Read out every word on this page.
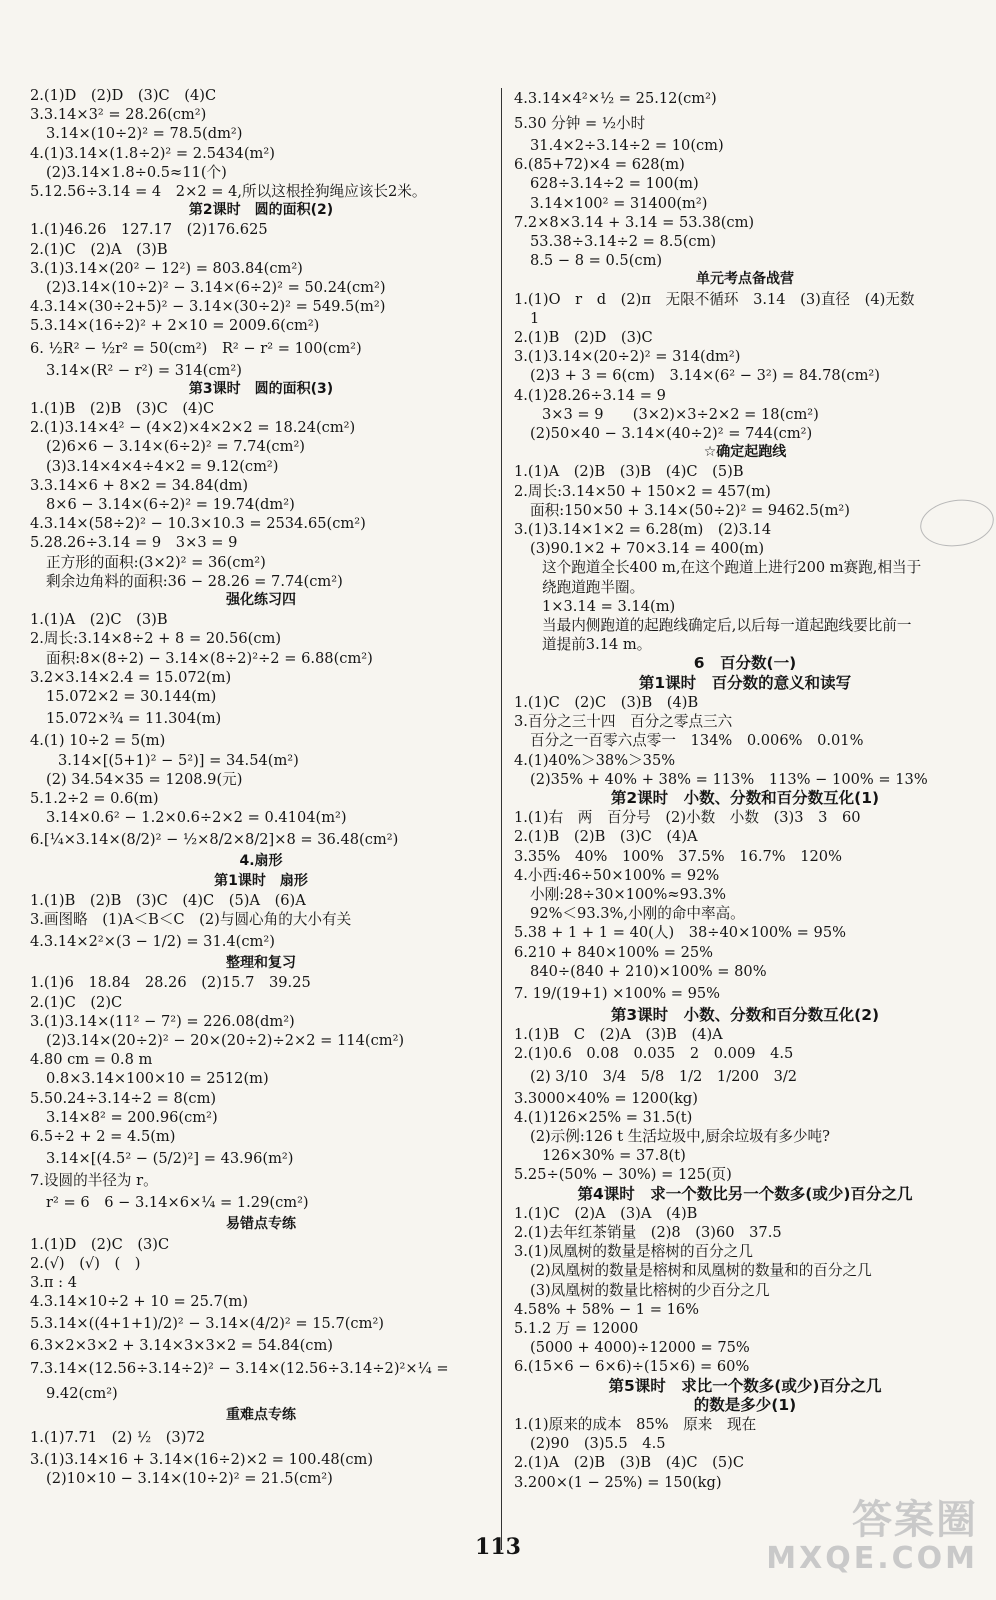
2.(1)D　(2)D　(3)C　(4)C
3.3.14×3² = 28.26(cm²)
3.14×(10÷2)² = 78.5(dm²)
4.(1)3.14×(1.8÷2)² = 2.5434(m²)
(2)3.14×1.8÷0.5≈11(个)
5.12.56÷3.14 = 4　2×2 = 4,所以这根拴狗绳应该长2米。
第2课时　圆的面积(2)
1.(1)46.26　127.17　(2)176.625
2.(1)C　(2)A　(3)B
3.(1)3.14×(20² − 12²) = 803.84(cm²)
(2)3.14×(10÷2)² − 3.14×(6÷2)² = 50.24(cm²)
4.3.14×(30÷2+5)² − 3.14×(30÷2)² = 549.5(m²)
5.3.14×(16÷2)² + 2×10 = 2009.6(cm²)
6. ½R² − ½r² = 50(cm²)　R² − r² = 100(cm²)
3.14×(R² − r²) = 314(cm²)
第3课时　圆的面积(3)
1.(1)B　(2)B　(3)C　(4)C
2.(1)3.14×4² − (4×2)×4×2×2 = 18.24(cm²)
(2)6×6 − 3.14×(6÷2)² = 7.74(cm²)
(3)3.14×4×4÷4×2 = 9.12(cm²)
3.3.14×6 + 8×2 = 34.84(dm)
8×6 − 3.14×(6÷2)² = 19.74(dm²)
4.3.14×(58÷2)² − 10.3×10.3 = 2534.65(cm²)
5.28.26÷3.14 = 9　3×3 = 9
正方形的面积:(3×2)² = 36(cm²)
剩余边角料的面积:36 − 28.26 = 7.74(cm²)
强化练习四
1.(1)A　(2)C　(3)B
2.周长:3.14×8÷2 + 8 = 20.56(cm)
面积:8×(8÷2) − 3.14×(8÷2)²÷2 = 6.88(cm²)
3.2×3.14×2.4 = 15.072(m)
15.072×2 = 30.144(m)
15.072×¾ = 11.304(m)
4.(1) 10÷2 = 5(m)
3.14×[(5+1)² − 5²)] = 34.54(m²)
(2) 34.54×35 = 1208.9(元)
5.1.2÷2 = 0.6(m)
3.14×0.6² − 1.2×0.6÷2×2 = 0.4104(m²)
6.[¼×3.14×(8/2)² − ½×8/2×8/2]×8 = 36.48(cm²)
4.扇形
第1课时　扇形
1.(1)B　(2)B　(3)C　(4)C　(5)A　(6)A
3.画图略　(1)A＜B＜C　(2)与圆心角的大小有关
4.3.14×2²×(3 − 1/2) = 31.4(cm²)
整理和复习
1.(1)6　18.84　28.26　(2)15.7　39.25
2.(1)C　(2)C
3.(1)3.14×(11² − 7²) = 226.08(dm²)
(2)3.14×(20÷2)² − 20×(20÷2)÷2×2 = 114(cm²)
4.80 cm = 0.8 m
0.8×3.14×100×10 = 2512(m)
5.50.24÷3.14÷2 = 8(cm)
3.14×8² = 200.96(cm²)
6.5÷2 + 2 = 4.5(m)
3.14×[(4.5² − (5/2)²] = 43.96(m²)
7.设圆的半径为 r。
r² = 6　6 − 3.14×6×¼ = 1.29(cm²)
易错点专练
1.(1)D　(2)C　(3)C
2.(√)　(√)　(　)
3.π : 4
4.3.14×10÷2 + 10 = 25.7(m)
5.3.14×((4+1+1)/2)² − 3.14×(4/2)² = 15.7(cm²)
6.3×2×3×2 + 3.14×3×3×2 = 54.84(cm)
7.3.14×(12.56÷3.14÷2)² − 3.14×(12.56÷3.14÷2)²×¼ =
9.42(cm²)
重难点专练
1.(1)7.71　(2) ½　(3)72
3.(1)3.14×16 + 3.14×(16÷2)×2 = 100.48(cm)
(2)10×10 − 3.14×(10÷2)² = 21.5(cm²)
4.3.14×4²×½ = 25.12(cm²)
5.30 分钟 = ½小时
31.4×2÷3.14÷2 = 10(cm)
6.(85+72)×4 = 628(m)
628÷3.14÷2 = 100(m)
3.14×100² = 31400(m²)
7.2×8×3.14 + 3.14 = 53.38(cm)
53.38÷3.14÷2 = 8.5(cm)
8.5 − 8 = 0.5(cm)
单元考点备战营
1.(1)O　r　d　(2)π　无限不循环　3.14　(3)直径　(4)无数
1
2.(1)B　(2)D　(3)C
3.(1)3.14×(20÷2)² = 314(dm²)
(2)3 + 3 = 6(cm)　3.14×(6² − 3²) = 84.78(cm²)
4.(1)28.26÷3.14 = 9
3×3 = 9　　(3×2)×3÷2×2 = 18(cm²)
(2)50×40 − 3.14×(40÷2)² = 744(cm²)
☆确定起跑线
1.(1)A　(2)B　(3)B　(4)C　(5)B
2.周长:3.14×50 + 150×2 = 457(m)
面积:150×50 + 3.14×(50÷2)² = 9462.5(m²)
3.(1)3.14×1×2 = 6.28(m)　(2)3.14
(3)90.1×2 + 70×3.14 = 400(m)
这个跑道全长400 m,在这个跑道上进行200 m赛跑,相当于
绕跑道跑半圈。
1×3.14 = 3.14(m)
当最内侧跑道的起跑线确定后,以后每一道起跑线要比前一
道提前3.14 m。
6　百分数(一)
第1课时　百分数的意义和读写
1.(1)C　(2)C　(3)B　(4)B
3.百分之三十四　百分之零点三六
百分之一百零六点零一　134%　0.006%　0.01%
4.(1)40%＞38%＞35%
(2)35% + 40% + 38% = 113%　113% − 100% = 13%
第2课时　小数、分数和百分数互化(1)
1.(1)右　两　百分号　(2)小数　小数　(3)3　3　60
2.(1)B　(2)B　(3)C　(4)A
3.35%　40%　100%　37.5%　16.7%　120%
4.小西:46÷50×100% = 92%
小刚:28÷30×100%≈93.3%
92%＜93.3%,小刚的命中率高。
5.38 + 1 + 1 = 40(人)　38÷40×100% = 95%
6.210 + 840×100% = 25%
840÷(840 + 210)×100% = 80%
7. 19/(19+1) ×100% = 95%
第3课时　小数、分数和百分数互化(2)
1.(1)B　C　(2)A　(3)B　(4)A
2.(1)0.6　0.08　0.035　2　0.009　4.5
(2) 3/10　3/4　5/8　1/2　1/200　3/2
3.3000×40% = 1200(kg)
4.(1)126×25% = 31.5(t)
(2)示例:126 t 生活垃圾中,厨余垃圾有多少吨?
126×30% = 37.8(t)
5.25÷(50% − 30%) = 125(页)
第4课时　求一个数比另一个数多(或少)百分之几
1.(1)C　(2)A　(3)A　(4)B
2.(1)去年红茶销量　(2)8　(3)60　37.5
3.(1)凤凰树的数量是榕树的百分之几
(2)凤凰树的数量是榕树和凤凰树的数量和的百分之几
(3)凤凰树的数量比榕树的少百分之几
4.58% + 58% − 1 = 16%
5.1.2 万 = 12000
(5000 + 4000)÷12000 = 75%
6.(15×6 − 6×6)÷(15×6) = 60%
第5课时　求比一个数多(或少)百分之几
的数是多少(1)
1.(1)原来的成本　85%　原来　现在
(2)90　(3)5.5　4.5
2.(1)A　(2)B　(3)B　(4)C　(5)C
3.200×(1 − 25%) = 150(kg)
113
答案圈
MXQE.COM
